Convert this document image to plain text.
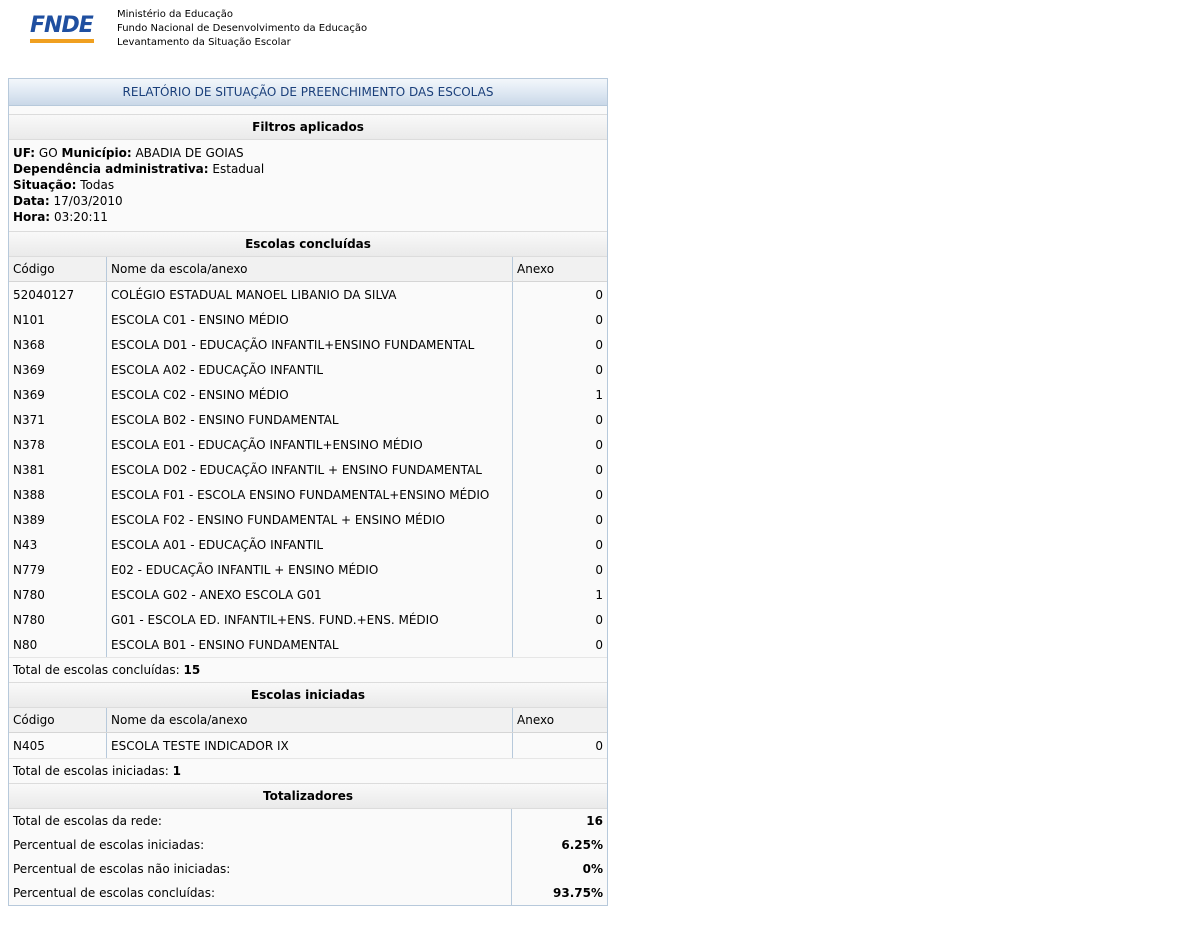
FNDE	Ministério da Educação
Fundo Nacional de Desenvolvimento da Educação
Levantamento da Situação Escolar
RELATÓRIO DE SITUAÇÃO DE PREENCHIMENTO DAS ESCOLAS
Filtros aplicados
UF: GO Município: ABADIA DE GOIAS
Dependência administrativa: Estadual
Situação: Todas
Data: 17/03/2010
Hora: 03:20:11
Escolas concluídas
Código	Nome da escola/anexo	Anexo
52040127	COLÉGIO ESTADUAL MANOEL LIBANIO DA SILVA	0
N101	ESCOLA C01 - ENSINO MÉDIO	0
N368	ESCOLA D01 - EDUCAÇÃO INFANTIL+ENSINO FUNDAMENTAL	0
N369	ESCOLA A02 - EDUCAÇÃO INFANTIL	0
N369	ESCOLA C02 - ENSINO MÉDIO	1
N371	ESCOLA B02 - ENSINO FUNDAMENTAL	0
N378	ESCOLA E01 - EDUCAÇÃO INFANTIL+ENSINO MÉDIO	0
N381	ESCOLA D02 - EDUCAÇÃO INFANTIL + ENSINO FUNDAMENTAL	0
N388	ESCOLA F01 - ESCOLA ENSINO FUNDAMENTAL+ENSINO MÉDIO	0
N389	ESCOLA F02 - ENSINO FUNDAMENTAL + ENSINO MÉDIO	0
N43	ESCOLA A01 - EDUCAÇÃO INFANTIL	0
N779	E02 - EDUCAÇÃO INFANTIL + ENSINO MÉDIO	0
N780	ESCOLA G02 - ANEXO ESCOLA G01	1
N780	G01 - ESCOLA ED. INFANTIL+ENS. FUND.+ENS. MÉDIO	0
N80	ESCOLA B01 - ENSINO FUNDAMENTAL	0
Total de escolas concluídas: 15
Escolas iniciadas
Código	Nome da escola/anexo	Anexo
N405	ESCOLA TESTE INDICADOR IX	0
Total de escolas iniciadas: 1
Totalizadores
Total de escolas da rede:	16
Percentual de escolas iniciadas:	6.25%
Percentual de escolas não iniciadas:	0%
Percentual de escolas concluídas:	93.75%
